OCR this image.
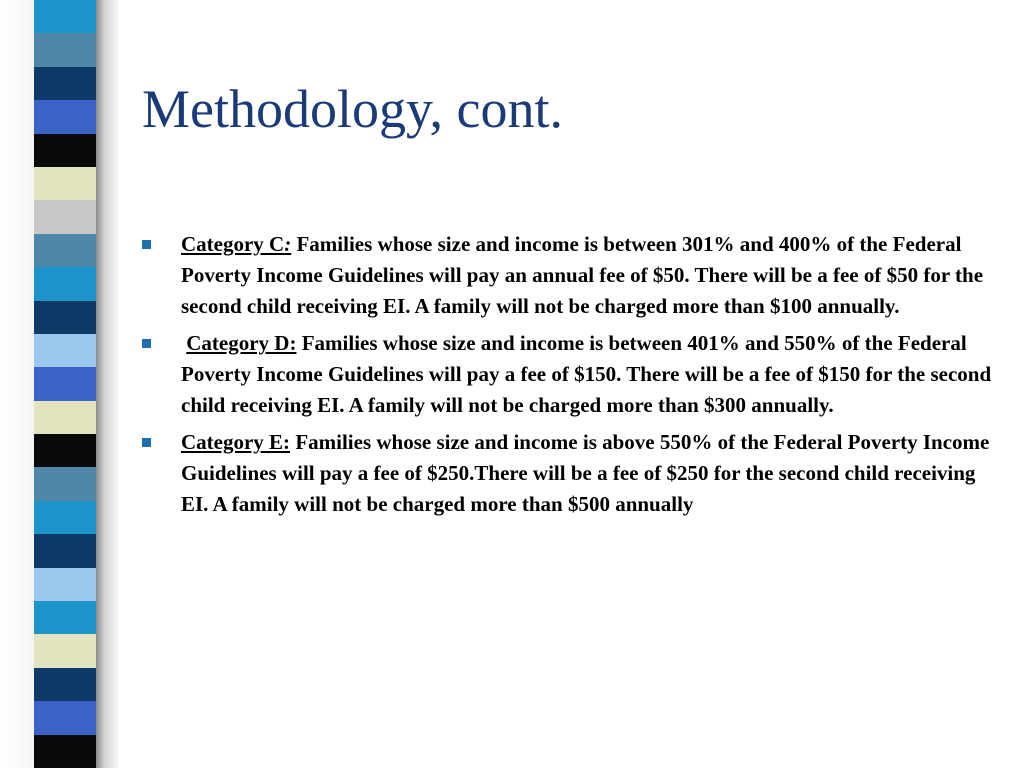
Methodology, cont.
Category C: Families whose size and income is between 301% and 400% of the Federal Poverty Income Guidelines will pay an annual fee of $50. There will be a fee of $50 for the second child receiving EI. A family will not be charged more than $100 annually.
Category D: Families whose size and income is between 401% and 550% of the Federal Poverty Income Guidelines will pay a fee of $150. There will be a fee of $150 for the second child receiving EI. A family will not be charged more than $300 annually.
Category E: Families whose size and income is above 550% of the Federal Poverty Income Guidelines will pay a fee of $250.There will be a fee of $250 for the second child receiving EI. A family will not be charged more than $500 annually
